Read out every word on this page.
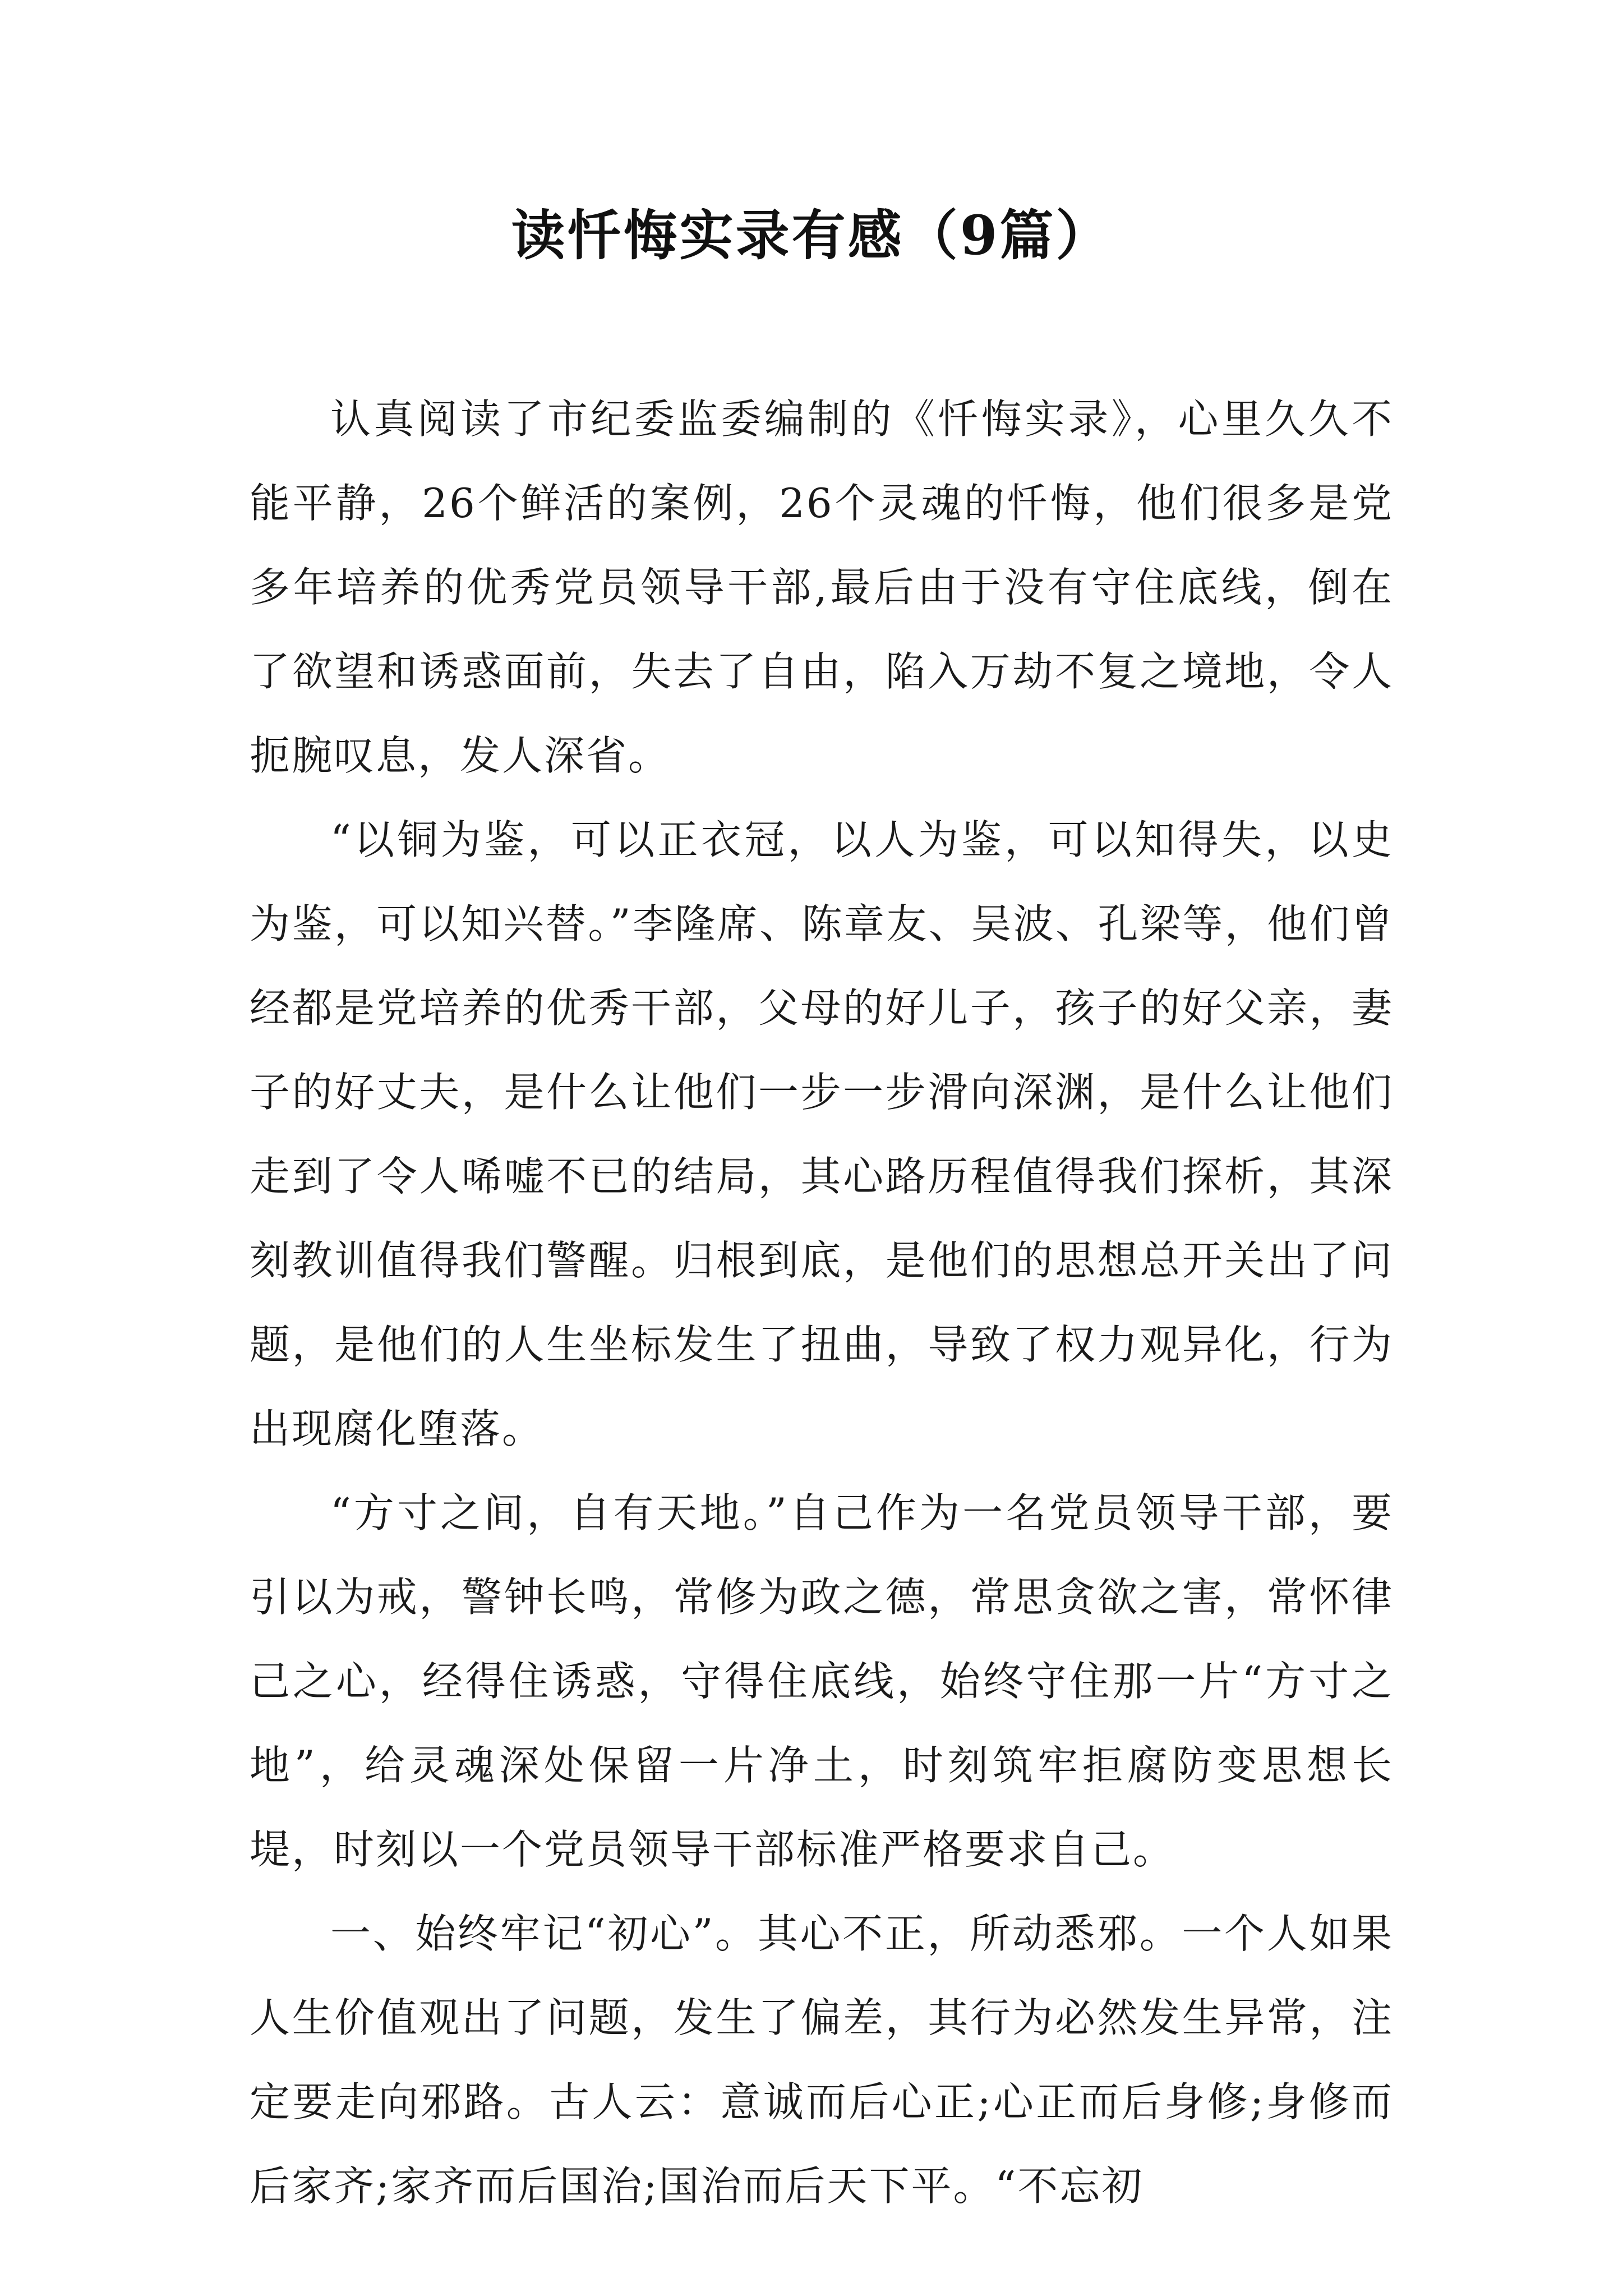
读忏悔实录有感（9篇）

认真阅读了市纪委监委编制的《忏悔实录》，心里久久不能平静，26个鲜活的案例，26个灵魂的忏悔，他们很多是党多年培养的优秀党员领导干部,最后由于没有守住底线，倒在了欲望和诱惑面前，失去了自由，陷入万劫不复之境地，令人扼腕叹息，发人深省。

“以铜为鉴，可以正衣冠，以人为鉴，可以知得失，以史为鉴，可以知兴替。”李隆席、陈章友、吴波、孔梁等，他们曾经都是党培养的优秀干部，父母的好儿子，孩子的好父亲，妻子的好丈夫，是什么让他们一步一步滑向深渊，是什么让他们走到了令人唏嘘不已的结局，其心路历程值得我们探析，其深刻教训值得我们警醒。归根到底，是他们的思想总开关出了问题，是他们的人生坐标发生了扭曲，导致了权力观异化，行为出现腐化堕落。

“方寸之间，自有天地。”自己作为一名党员领导干部，要引以为戒，警钟长鸣，常修为政之德，常思贪欲之害，常怀律己之心，经得住诱惑，守得住底线，始终守住那一片“方寸之地”，给灵魂深处保留一片净土，时刻筑牢拒腐防变思想长堤，时刻以一个党员领导干部标准严格要求自己。

一、始终牢记“初心”。其心不正，所动悉邪。一个人如果人生价值观出了问题，发生了偏差，其行为必然发生异常，注定要走向邪路。古人云：意诚而后心正;心正而后身修;身修而后家齐;家齐而后国治;国治而后天下平。“不忘初
